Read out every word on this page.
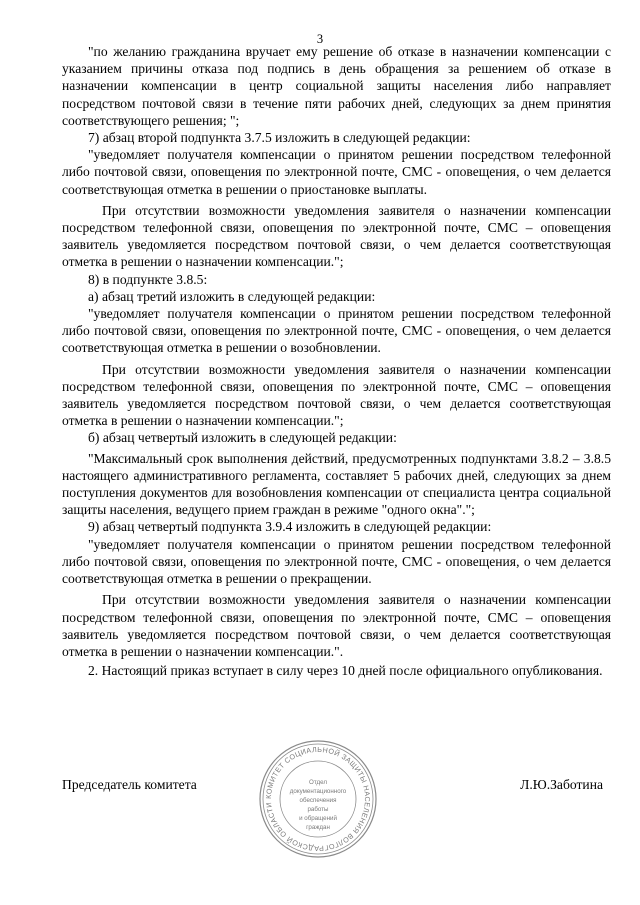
3

"по желанию гражданина вручает ему решение об отказе в назначении компенсации с указанием причины отказа под подпись в день обращения за решением об отказе в назначении компенсации в центр социальной защиты населения либо направляет посредством почтовой связи в течение пяти рабочих дней, следующих за днем принятия соответствующего решения; ";

7) абзац второй подпункта 3.7.5 изложить в следующей редакции:

"уведомляет получателя компенсации о принятом решении посредством телефонной либо почтовой связи, оповещения по электронной почте, СМС - оповещения, о чем делается соответствующая отметка в решении о приостановке выплаты.

При отсутствии возможности уведомления заявителя о назначении компенсации посредством телефонной связи, оповещения по электронной почте, СМС – оповещения заявитель уведомляется посредством почтовой связи, о чем делается соответствующая отметка в решении о назначении компенсации.";

8) в подпункте 3.8.5:

а) абзац третий изложить в следующей редакции:

"уведомляет получателя компенсации о принятом решении посредством телефонной либо почтовой связи, оповещения по электронной почте, СМС - оповещения, о чем делается соответствующая отметка в решении о возобновлении.

При отсутствии возможности уведомления заявителя о назначении компенсации посредством телефонной связи, оповещения по электронной почте, СМС – оповещения заявитель уведомляется посредством почтовой связи, о чем делается соответствующая отметка в решении о назначении компенсации.";

б) абзац четвертый изложить в следующей редакции:

"Максимальный срок выполнения действий, предусмотренных подпунктами 3.8.2 – 3.8.5 настоящего административного регламента, составляет 5 рабочих дней, следующих за днем поступления документов для возобновления компенсации от специалиста центра социальной защиты населения, ведущего прием граждан в режиме "одного окна".";

9) абзац четвертый подпункта 3.9.4 изложить в следующей редакции:

"уведомляет получателя компенсации о принятом решении посредством телефонной либо почтовой связи, оповещения по электронной почте, СМС - оповещения, о чем делается соответствующая отметка в решении о прекращении.

При отсутствии возможности уведомления заявителя о назначении компенсации посредством телефонной связи, оповещения по электронной почте, СМС – оповещения заявитель уведомляется посредством почтовой связи, о чем делается соответствующая отметка в решении о назначении компенсации.".

2. Настоящий приказ вступает в силу через 10 дней после официального опубликования.

КОМИТЕТ СОЦИАЛЬНОЙ ЗАЩИТЫ НАСЕЛЕНИЯ ВОЛГОГРАДСКОЙ ОБЛАСТИ
Отдел
документационного
обеспечения
работы
и обращений
граждан
Председатель комитета	Л.Ю.Заботина
